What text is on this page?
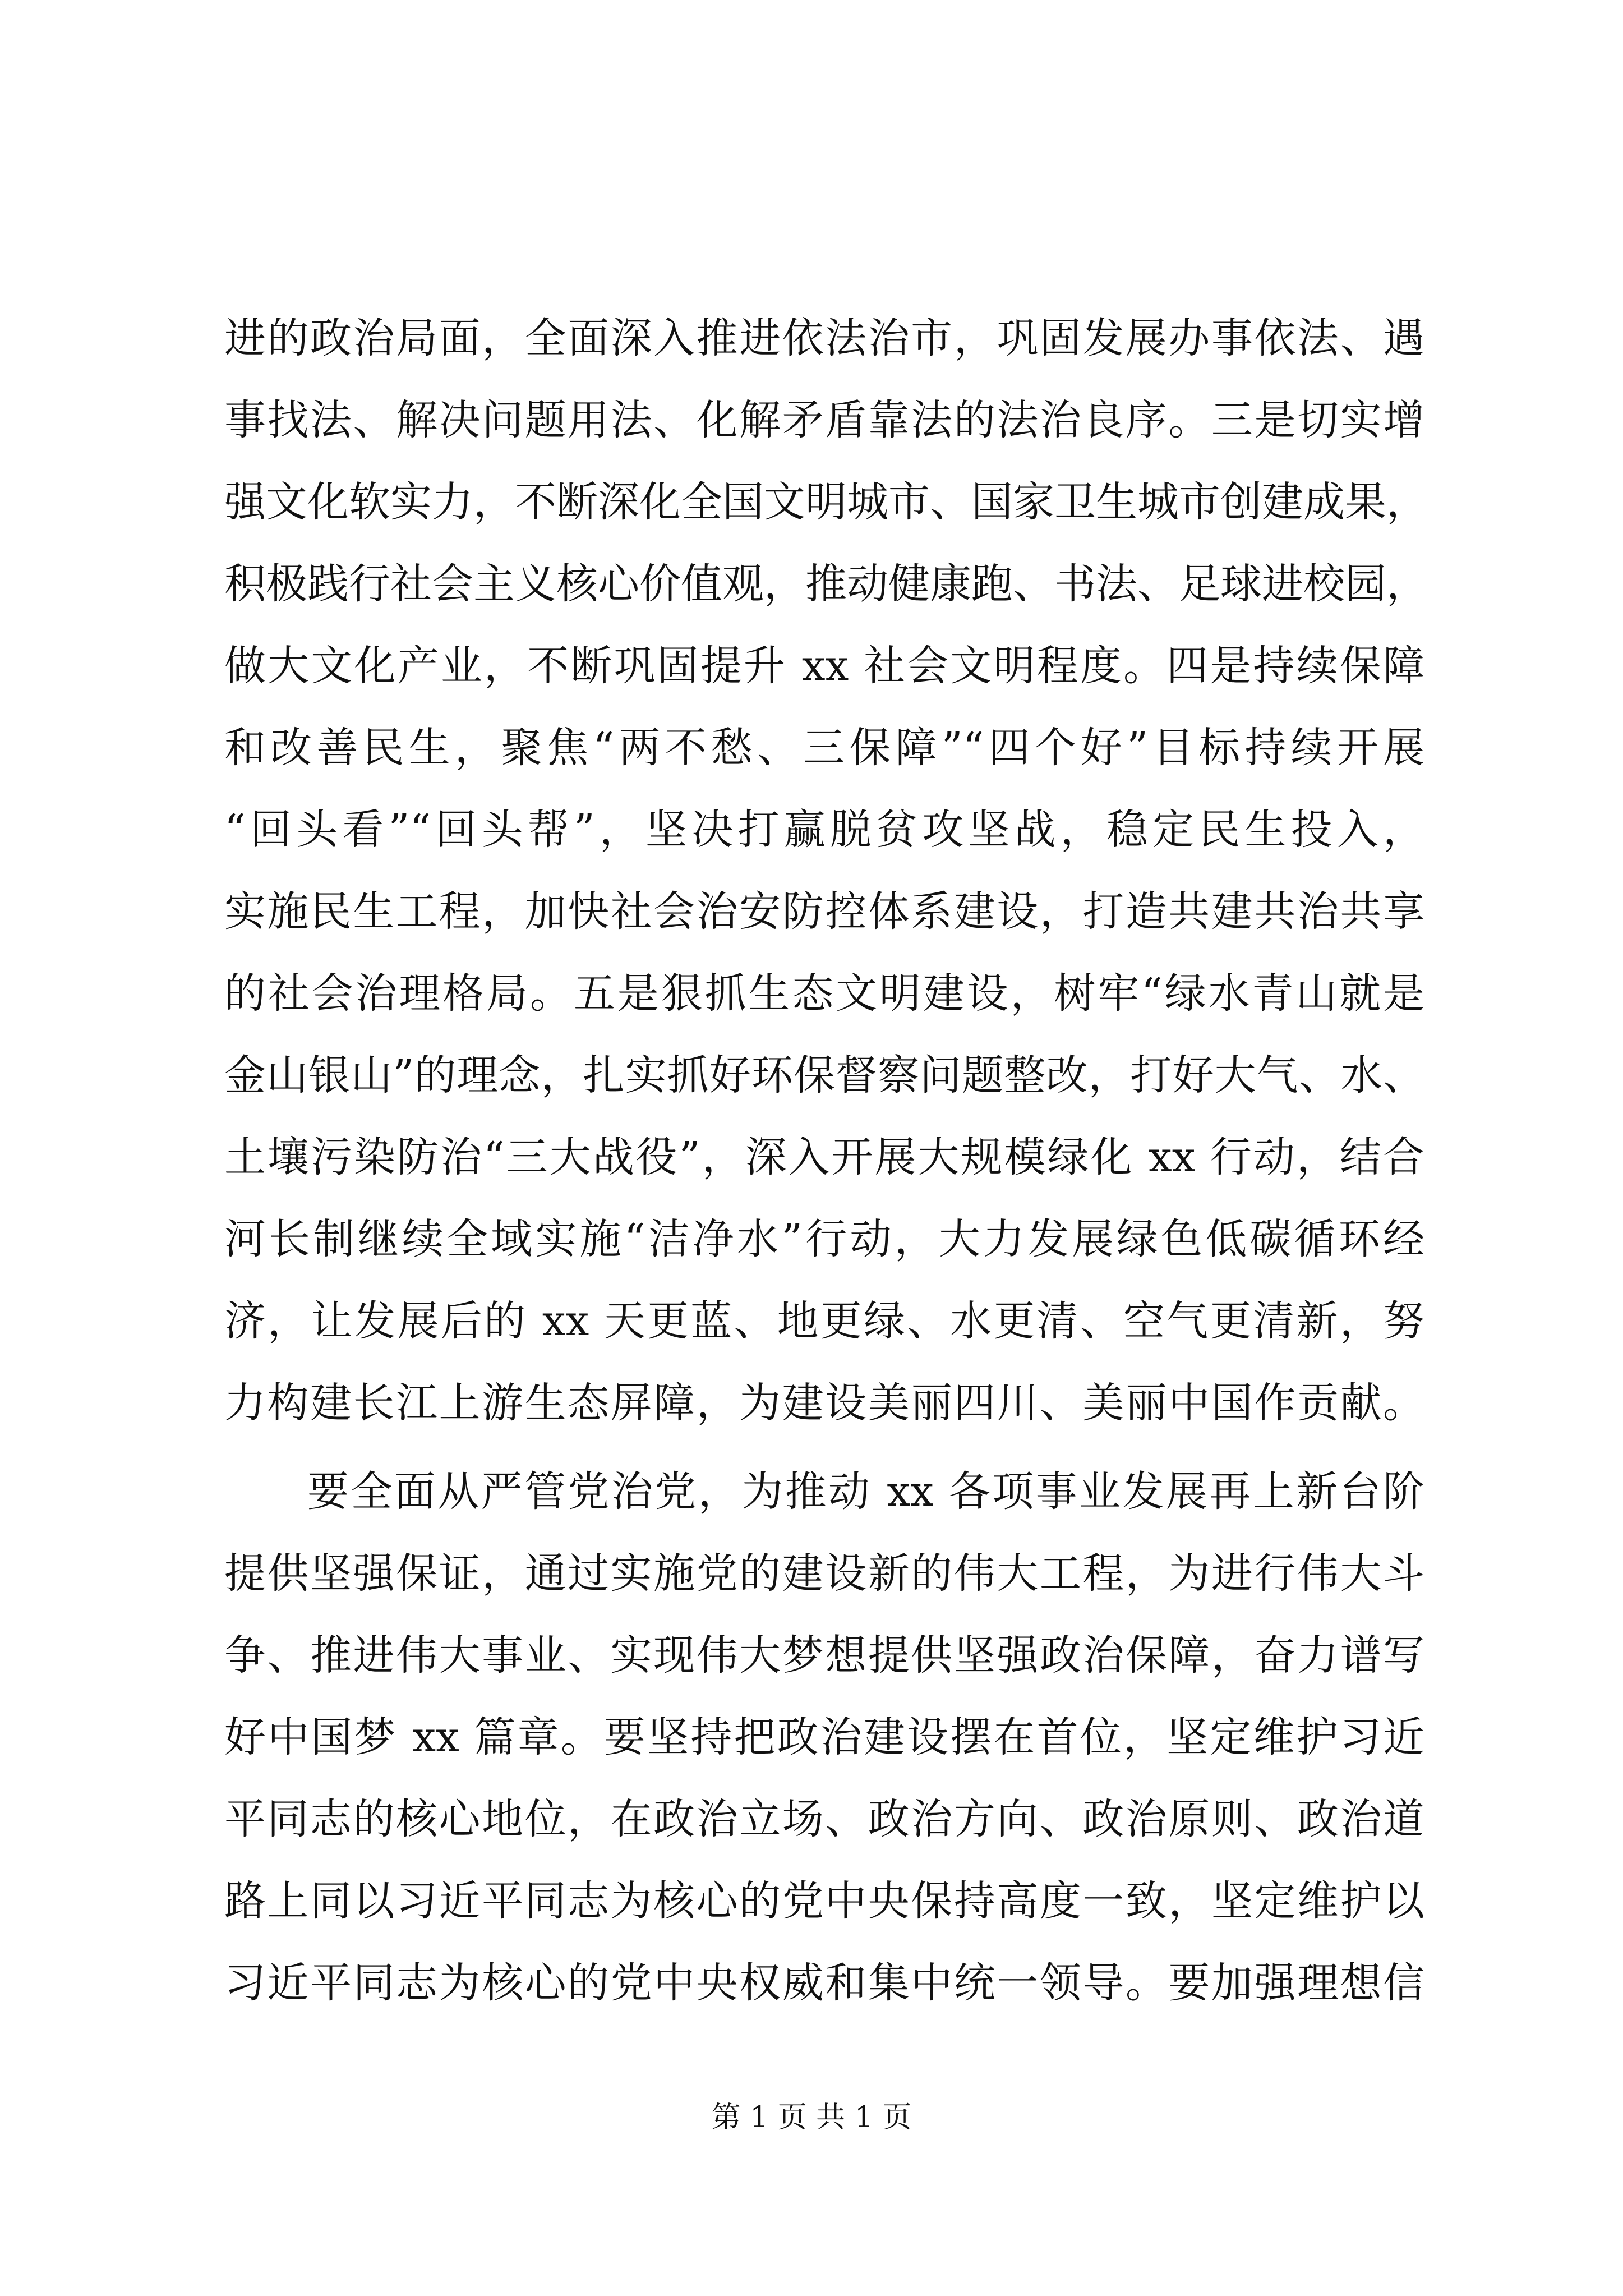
进的政治局面，全面深入推进依法治市，巩固发展办事依法、遇
事找法、解决问题用法、化解矛盾靠法的法治良序。三是切实增
强文化软实力，不断深化全国文明城市、国家卫生城市创建成果，
积极践行社会主义核心价值观，推动健康跑、书法、足球进校园，
做大文化产业，不断巩固提升 xx 社会文明程度。四是持续保障
和改善民生，聚焦“两不愁、三保障”“四个好”目标持续开展
“回头看”“回头帮”，坚决打赢脱贫攻坚战，稳定民生投入，
实施民生工程，加快社会治安防控体系建设，打造共建共治共享
的社会治理格局。五是狠抓生态文明建设，树牢“绿水青山就是
金山银山”的理念，扎实抓好环保督察问题整改，打好大气、水、
土壤污染防治“三大战役”，深入开展大规模绿化 xx 行动，结合
河长制继续全域实施“洁净水”行动，大力发展绿色低碳循环经
济，让发展后的 xx 天更蓝、地更绿、水更清、空气更清新，努
力构建长江上游生态屏障，为建设美丽四川、美丽中国作贡献。
要全面从严管党治党，为推动 xx 各项事业发展再上新台阶
提供坚强保证，通过实施党的建设新的伟大工程，为进行伟大斗
争、推进伟大事业、实现伟大梦想提供坚强政治保障，奋力谱写
好中国梦 xx 篇章。要坚持把政治建设摆在首位，坚定维护习近
平同志的核心地位，在政治立场、政治方向、政治原则、政治道
路上同以习近平同志为核心的党中央保持高度一致，坚定维护以
习近平同志为核心的党中央权威和集中统一领导。要加强理想信
第 1 页 共 1 页
